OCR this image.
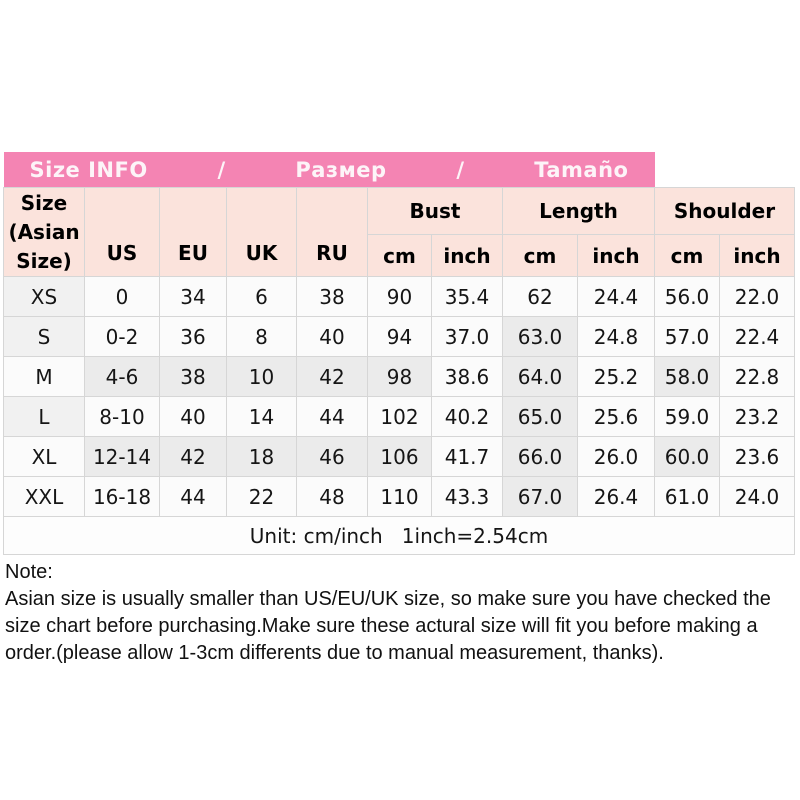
Size INFO / Размер / Tamaño										

Size
(Asian
Size)	US	EU	UK	RU	Bust		Length		Shoulder	
					cm	inch	cm	inch	cm	inch
XS	0	34	6	38	90	35.4	62	24.4	56.0	22.0
S	0-2	36	8	40	94	37.0	63.0	24.8	57.0	22.4
M	4-6	38	10	42	98	38.6	64.0	25.2	58.0	22.8
L	8-10	40	14	44	102	40.2	65.0	25.6	59.0	23.2
XL	12-14	42	18	46	106	41.7	66.0	26.0	60.0	23.6
XXL	16-18	44	22	48	110	43.3	67.0	26.4	61.0	24.0
Unit: cm/inch   1inch=2.54cm										
Note:
Asian size is usually smaller than US/EU/UK size, so make sure you have checked the
size chart before purchasing.Make sure these actural size will fit you before making a
order.(please allow 1-3cm differents due to manual measurement, thanks).
